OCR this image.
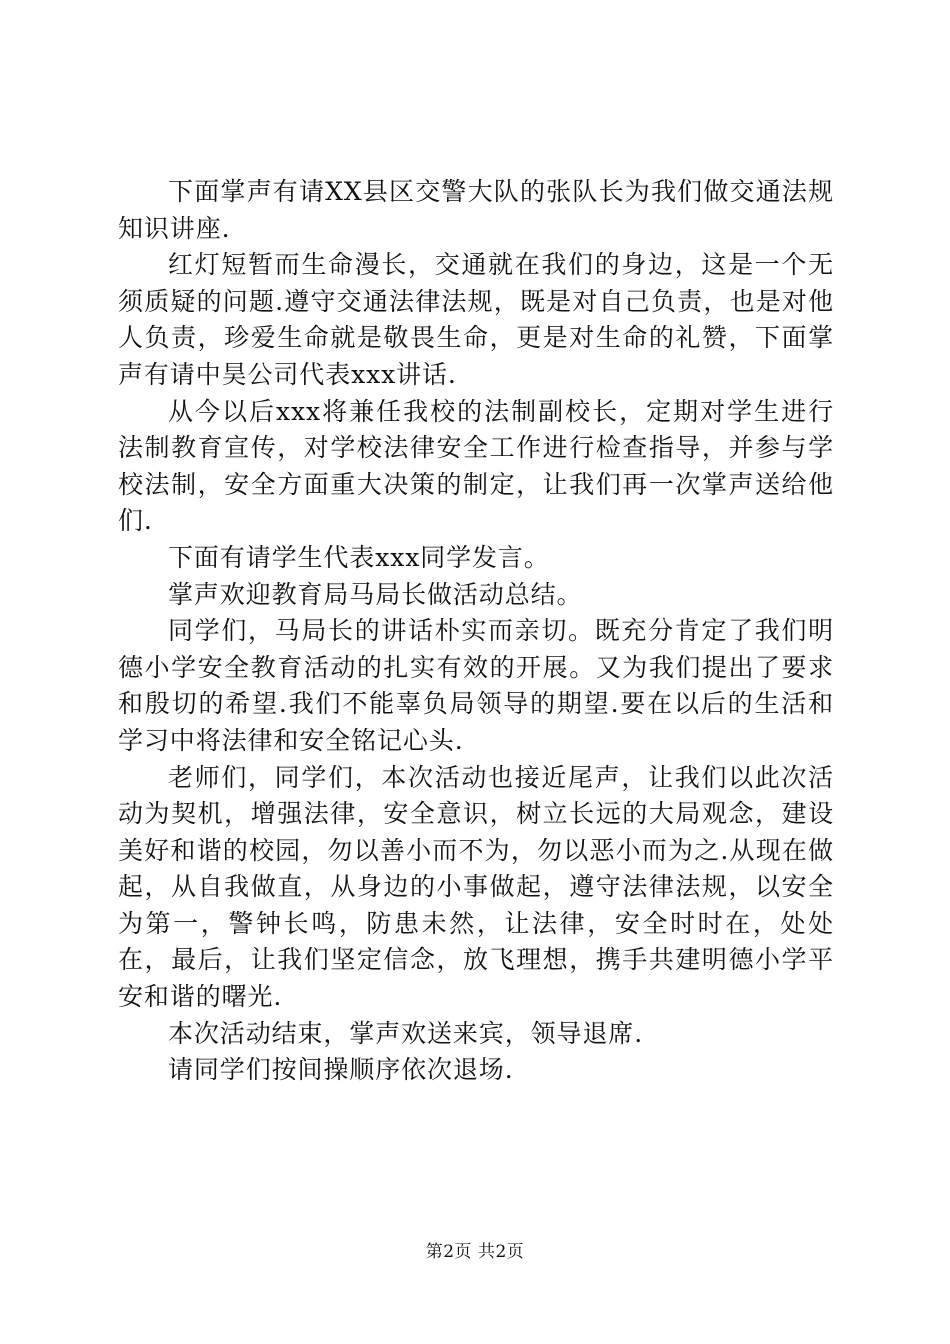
下面掌声有请XX县区交警大队的张队长为我们做交通法规知识讲座.

红灯短暂而生命漫长，交通就在我们的身边，这是一个无须质疑的问题.遵守交通法律法规，既是对自己负责，也是对他人负责，珍爱生命就是敬畏生命，更是对生命的礼赞，下面掌声有请中昊公司代表xxx讲话.

从今以后xxx将兼任我校的法制副校长，定期对学生进行法制教育宣传，对学校法律安全工作进行检查指导，并参与学校法制，安全方面重大决策的制定，让我们再一次掌声送给他们.

下面有请学生代表xxx同学发言。

掌声欢迎教育局马局长做活动总结。

同学们，马局长的讲话朴实而亲切。既充分肯定了我们明德小学安全教育活动的扎实有效的开展。又为我们提出了要求和殷切的希望.我们不能辜负局领导的期望.要在以后的生活和学习中将法律和安全铭记心头.

老师们，同学们，本次活动也接近尾声，让我们以此次活动为契机，增强法律，安全意识，树立长远的大局观念，建设美好和谐的校园，勿以善小而不为，勿以恶小而为之.从现在做起，从自我做直，从身边的小事做起，遵守法律法规，以安全为第一，警钟长鸣，防患未然，让法律，安全时时在，处处在，最后，让我们坚定信念，放飞理想，携手共建明德小学平安和谐的曙光.

本次活动结束，掌声欢送来宾，领导退席.

请同学们按间操顺序依次退场.

第2页 共2页
